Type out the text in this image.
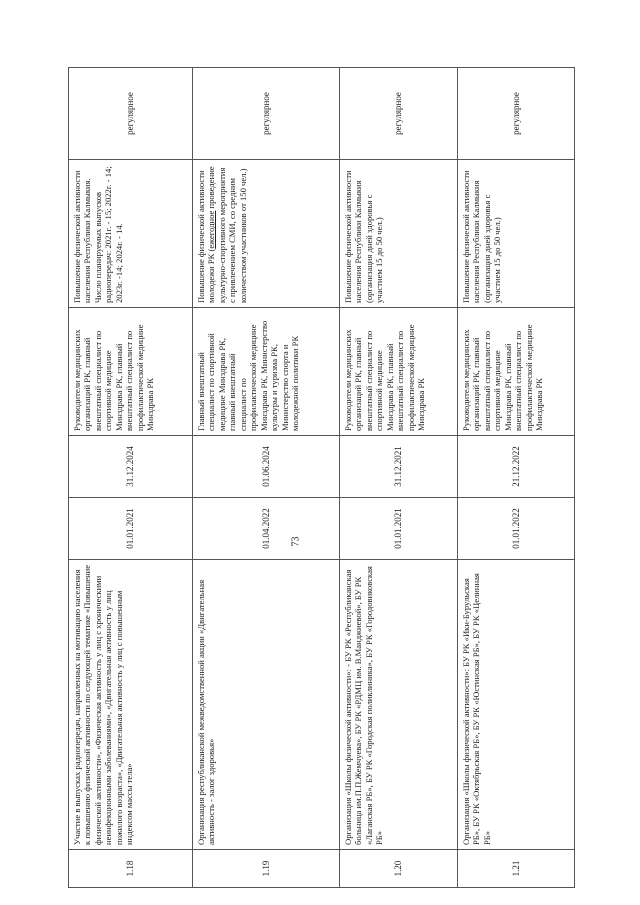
1.18	Участие в выпусках радиопередач, направленных на мотивацию населения к повышению физической активности по следующей тематике «Повышение физической активности», «Физическая активность у лиц с хроническими неинфекционными заболеваниями», «Двигательная активность у лиц пожилого возраста», «Двигательная активность у лиц с повышенным индексом массы тела»	01.01.2021	31.12.2024	Руководители медицинских организаций РК, главный внештатный специалист по спортивной медицине Минздрава РК, главный внештатный специалист по профилактической медицине Минздрава РК	Повышение физической активности населения Республики Калмыкия. Число планируемых выпусков радиопередач: 2021г. - 15; 2022г. - 14; 2023г. -14; 2024г. - 14.	регулярное
1.19	Организация республиканской межведомственной акции «Двигательная активность - залог здоровья»	01.04.2022	01.06.2024	Главный внештатный специалист по спортивной медицине Минздрава РК, главный внештатный специалист по профилактической медицине Минздрава РК, Министерство культуры и туризма РК, Министерство спорта и молодежной политики РК	Повышение физической активности молодежи РК (ежегодное проведение культурно-спортивного мероприятия с привлечением СМИ, со средним количеством участников от 150 чел.)	регулярное
1.20	Организация «Школы физической активности»: - БУ РК «Республиканская больница им.П.П.Жемчуева», БУ РК «РДМЦ им. В.Манджиевой», БУ РК «Лаганская РБ», БУ РК «Городская поликлиника», БУ РК «Городовиковская РБ»	01.01.2021	31.12.2021	Руководители медицинских организаций РК, главный внештатный специалист по спортивной медицине Минздрава РК, главный внештатный специалист по профилактической медицине Минздрава РК	Повышение физической активности населения Республики Калмыкия (организация дней здоровья с участием 15 до 50 чел.)	регулярное
1.21	Организация «Школы физической активности»: БУ РК «Ики-Бурульская РБ», БУ РК «Октябрьская РБ», БУ РК «Юстинская РБ», БУ РК «Целинная РБ»	01.01.2022	21.12.2022	Руководители медицинских организаций РК, главный внештатный специалист по спортивной медицине Минздрава РК, главный внештатный специалист по профилактической медицине Минздрава РК	Повышение физической активности населения Республики Калмыкия (организация дней здоровья с участием 15 до 50 чел.)	регулярное
73
